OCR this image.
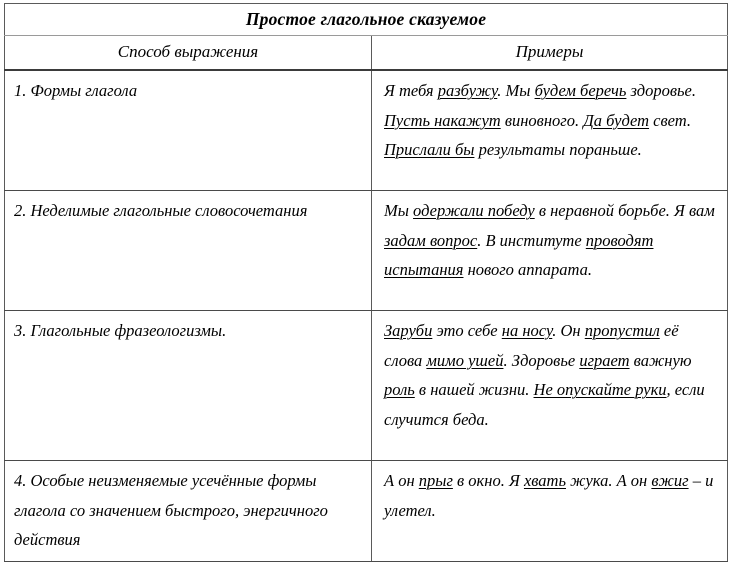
Простое глагольное сказуемое	

Способ выражения	Примеры

1. Формы глагола	Я тебя разбужу. Мы будем беречь здоровье. Пусть накажут виновного. Да будет свет. Прислали бы результаты пораньше.

2. Неделимые глагольные словосочетания	Мы одержали победу в неравной борьбе. Я вам задам вопрос. В институте проводят испытания нового аппарата.

3. Глагольные фразеологизмы.	Заруби это себе на носу. Он пропустил её слова мимо ушей. Здоровье играет важную роль в нашей жизни. Не опускайте руки, если случится беда.

4. Особые неизменяемые усечённые формы глагола со значением быстрого, энергичного действия	А он прыг в окно. Я хвать жука. А он вжиг – и улетел.
